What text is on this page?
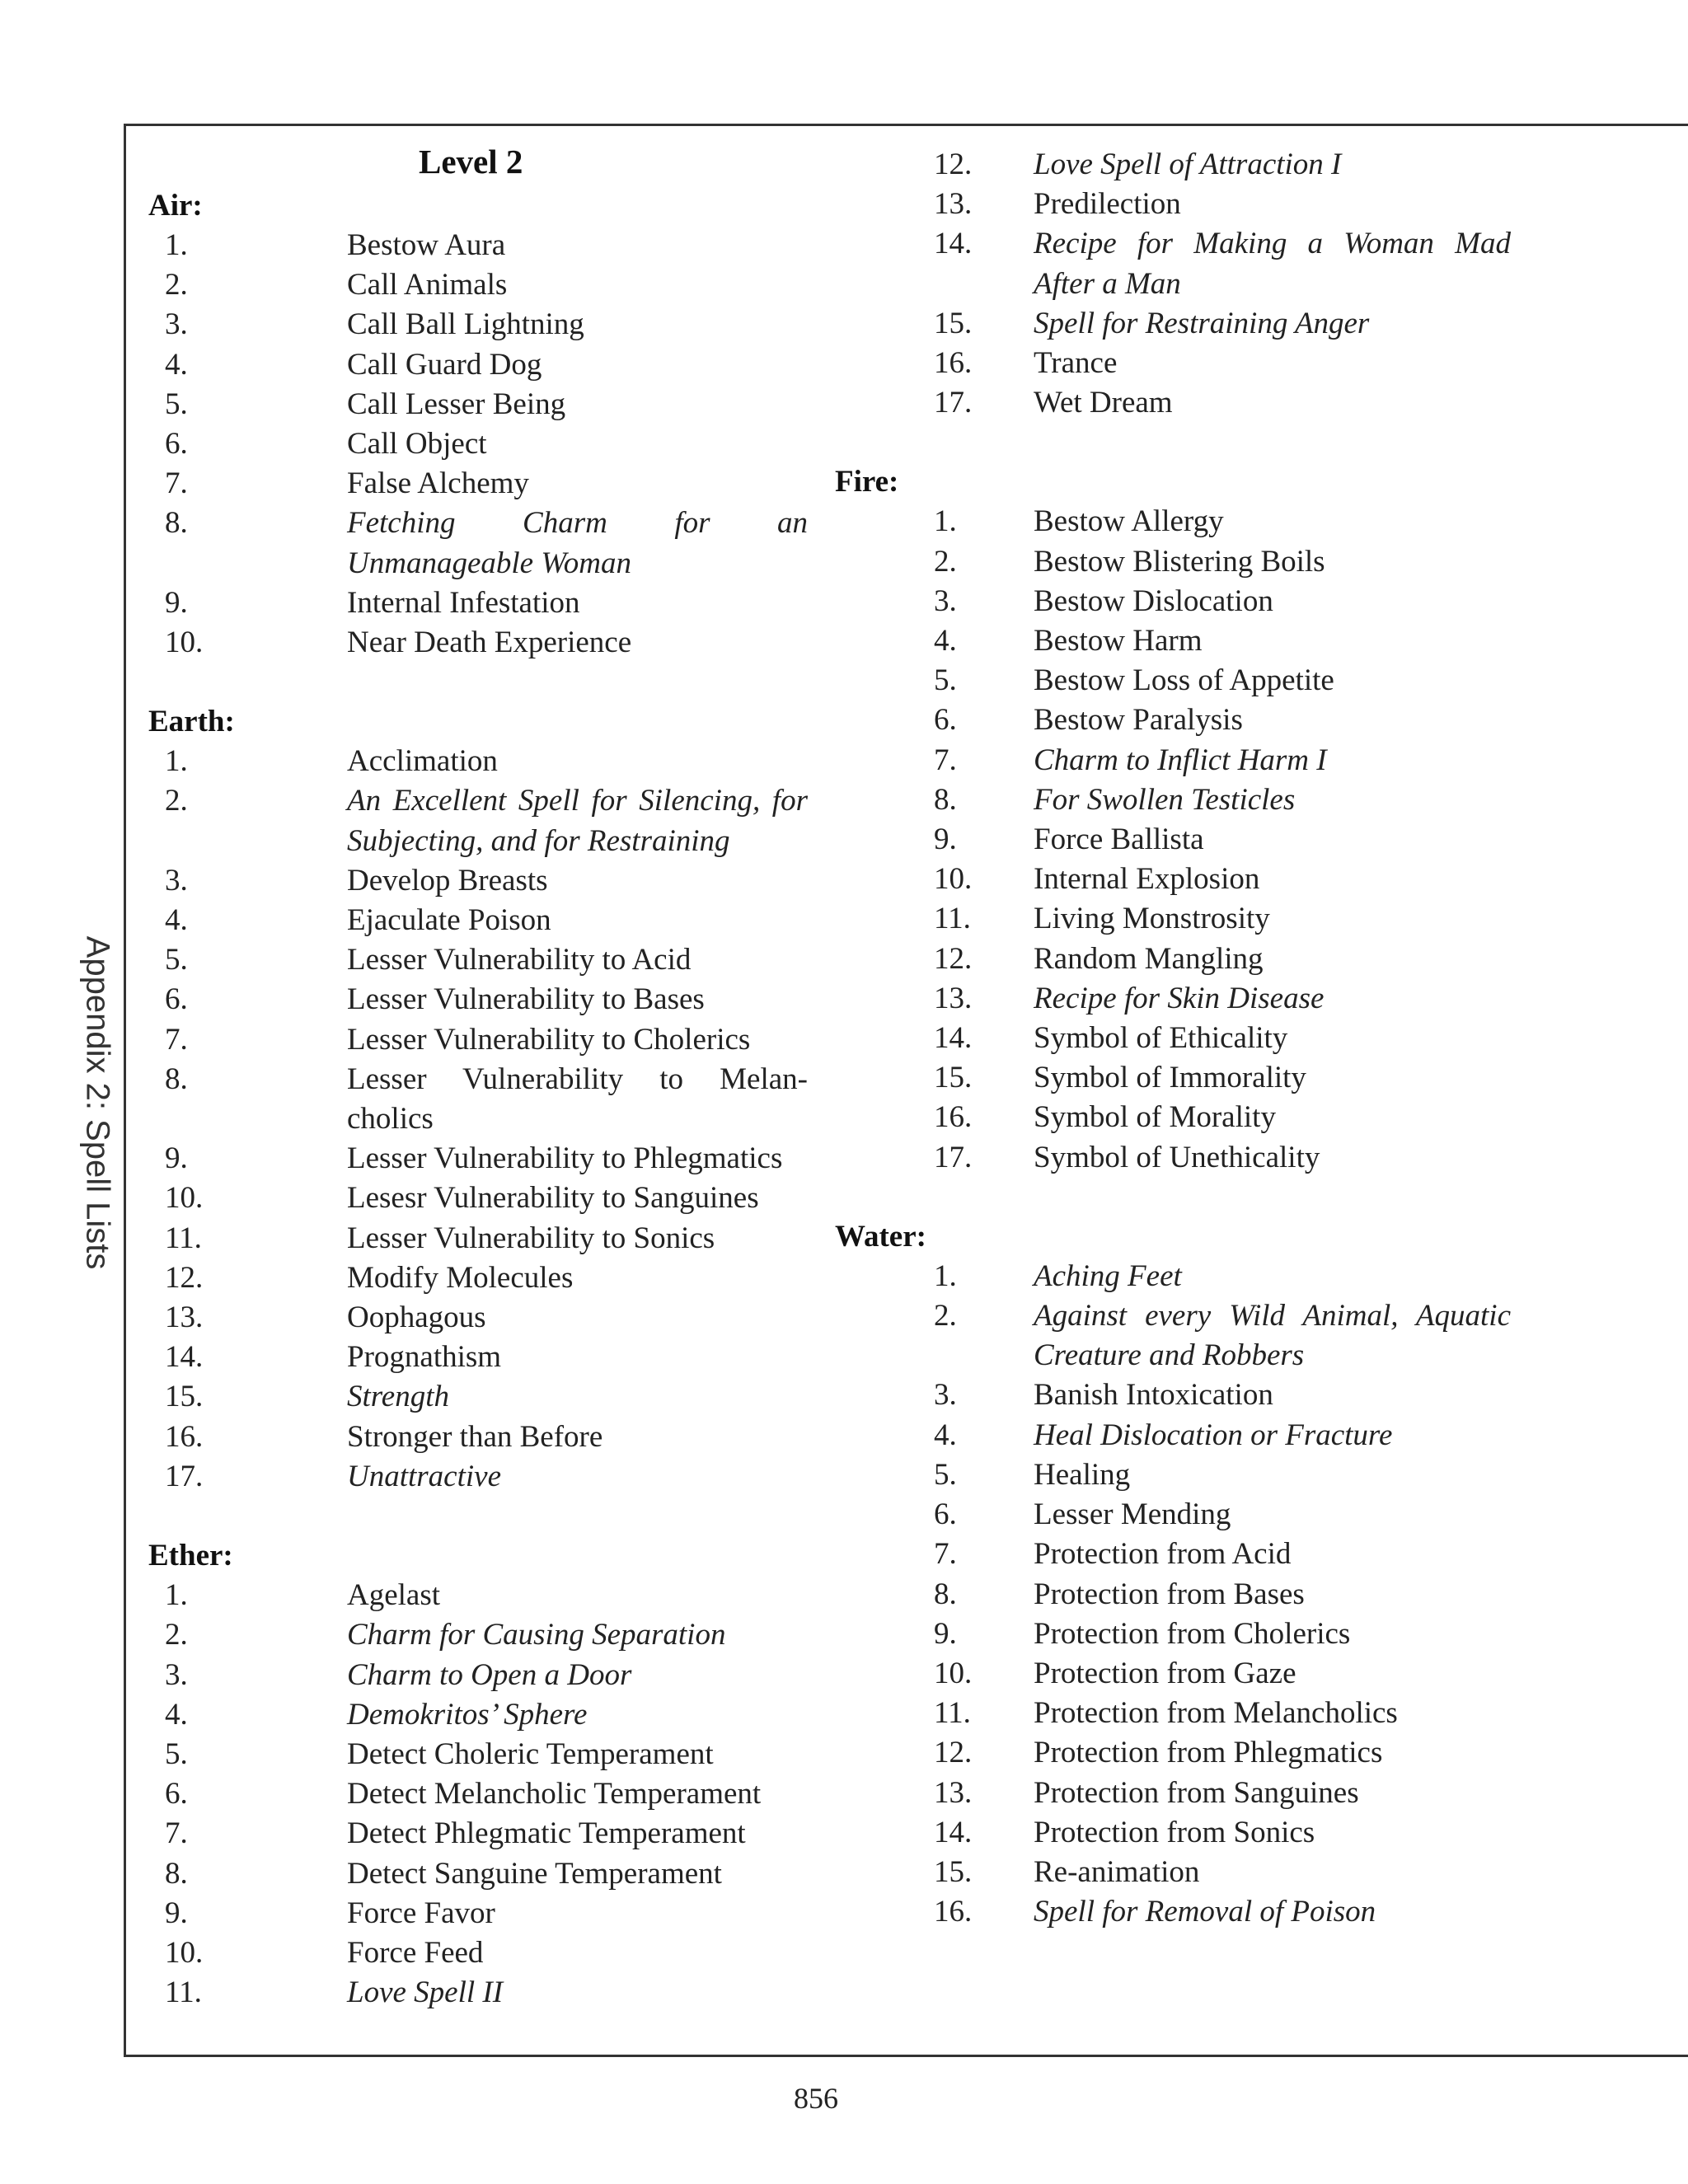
Appendix 2: Spell Lists
Level 2
Air:
1.	Bestow Aura
2.	Call Animals
3.	Call Ball Lightning
4.	Call Guard Dog
5.	Call Lesser Being
6.	Call Object
7.	False Alchemy
8.	Fetching Charm for an Unmanageable Woman
9.	Internal Infestation
10.	Near Death Experience
Earth:
1.	Acclimation
2.	An Excellent Spell for Silencing, for Subjecting, and for Restraining
3.	Develop Breasts
4.	Ejaculate Poison
5.	Lesser Vulnerability to Acid
6.	Lesser Vulnerability to Bases
7.	Lesser Vulnerability to Cholerics
8.	Lesser Vulnerability to Melan-cholics
9.	Lesser Vulnerability to Phlegmatics
10.	Lesesr Vulnerability to Sanguines
11.	Lesser Vulnerability to Sonics
12.	Modify Molecules
13.	Oophagous
14.	Prognathism
15.	Strength
16.	Stronger than Before
17.	Unattractive
Ether:
1.	Agelast
2.	Charm for Causing Separation
3.	Charm to Open a Door
4.	Demokritos’ Sphere
5.	Detect Choleric Temperament
6.	Detect Melancholic Temperament
7.	Detect Phlegmatic Temperament
8.	Detect Sanguine Temperament
9.	Force Favor
10.	Force Feed
11.	Love Spell II
12.	Love Spell of Attraction I
13.	Predilection
14.	Recipe for Making a Woman Mad After a Man
15.	Spell for Restraining Anger
16.	Trance
17.	Wet Dream
Fire:
1.	Bestow Allergy
2.	Bestow Blistering Boils
3.	Bestow Dislocation
4.	Bestow Harm
5.	Bestow Loss of Appetite
6.	Bestow Paralysis
7.	Charm to Inflict Harm I
8.	For Swollen Testicles
9.	Force Ballista
10.	Internal Explosion
11.	Living Monstrosity
12.	Random Mangling
13.	Recipe for Skin Disease
14.	Symbol of Ethicality
15.	Symbol of Immorality
16.	Symbol of Morality
17.	Symbol of Unethicality
Water:
1.	Aching Feet
2.	Against every Wild Animal, Aquatic Creature and Robbers
3.	Banish Intoxication
4.	Heal Dislocation or Fracture
5.	Healing
6.	Lesser Mending
7.	Protection from Acid
8.	Protection from Bases
9.	Protection from Cholerics
10.	Protection from Gaze
11.	Protection from Melancholics
12.	Protection from Phlegmatics
13.	Protection from Sanguines
14.	Protection from Sonics
15.	Re-animation
16.	Spell for Removal of Poison
856
